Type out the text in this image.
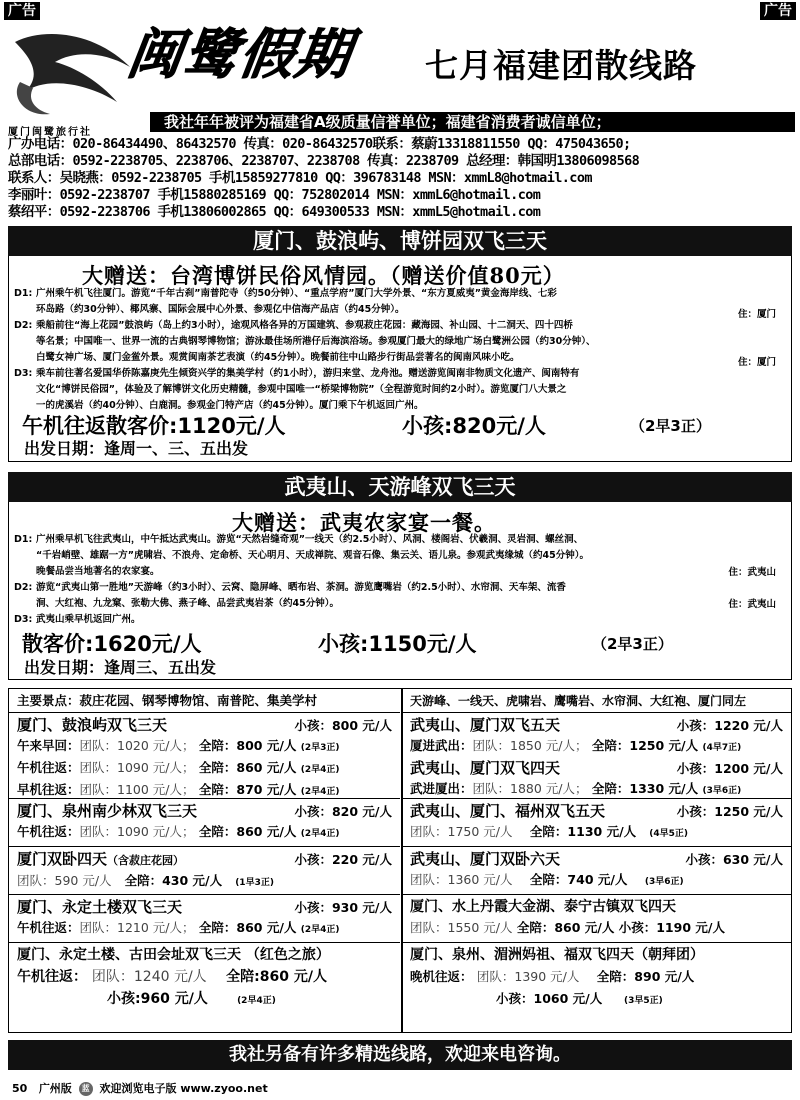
广告	广告
闽鹭假期 七月福建团散线路
厦门闽鹭旅行社
我社年年被评为福建省A级质量信誉单位；福建省消费者诚信单位；
广办电话：020-86434490、86432570 传真：020-86432570联系：蔡蔚13318811550 QQ：475043650;
总部电话：0592-2238705、2238706、2238707、2238708 传真：2238709 总经理：韩国明13806098568
联系人：吴晓燕：0592-2238705 手机15859277810 QQ：396783148 MSN：xmmL8@hotmail.com
李丽叶：0592-2238707 手机15880285169 QQ：752802014 MSN：xmmL6@hotmail.com
蔡绍平：0592-2238706 手机13806002865 QQ：649300533 MSN：xmmL5@hotmail.com
厦门、鼓浪屿、博饼园双飞三天
大赠送：台湾博饼民俗风情园。（赠送价值80元）
D1: 广州乘午机飞往厦门。游览“千年古刹”南普陀寺（约50分钟）、“重点学府”厦门大学外景、“东方夏威夷”黄金海岸线、七彩
环岛路（约30分钟）、椰风寨、国际会展中心外景、参观亿中信海产品店（约45分钟）。	住：厦门
D2: 乘船前往“海上花园”鼓浪屿（岛上约3小时），途观风格各异的万国建筑、参观菽庄花园：藏海园、补山园、十二洞天、四十四桥
等名景；中国唯一、世界一流的古典钢琴博物馆；游泳最佳场所港仔后海滨浴场。参观厦门最大的绿地广场白鹭洲公园（约30分钟）、
白鹭女神广场、厦门金鲎外景。观赏闽南茶艺表演（约45分钟）。晚餐前往中山路步行街品尝著名的闽南风味小吃。	住：厦门
D3: 乘车前往著名爱国华侨陈嘉庚先生倾资兴学的集美学村（约1小时），游归来堂、龙舟池。赠送游览闽南非物质文化遗产、闽南特有
文化“博饼民俗园”，体验及了解博饼文化历史精髓，参观中国唯一“桥梁博物院”（全程游览时间约2小时）。游览厦门八大景之
一的虎溪岩（约40分钟）、白鹿洞。参观金门特产店（约45分钟）。厦门乘下午机返回广州。
午机往返散客价:1120元/人	小孩:820元/人	（2早3正）
出发日期：逢周一、三、五出发
武夷山、天游峰双飞三天
大赠送：武夷农家宴一餐。
D1: 广州乘早机飞往武夷山，中午抵达武夷山。游览“天然岩缝奇观”一线天（约2.5小时）、风洞、楼阁岩、伏羲洞、灵岩洞、螺丝洞、
“千岩峭壁、雄踞一方”虎啸岩、不浪舟、定命桥、天心明月、天成禅院、观音石像、集云关、语儿泉。参观武夷缘城（约45分钟）。
晚餐品尝当地著名的农家宴。	住：武夷山
D2: 游览“武夷山第一胜地”天游峰（约3小时）、云窝、隐屏峰、晒布岩、茶洞。游览鹰嘴岩（约2.5小时）、水帘洞、天车架、流香
涧、大红袍、九龙窠、张勒大佛、燕子峰、品尝武夷岩茶（约45分钟）。	住：武夷山
D3: 武夷山乘早机返回广州。
散客价:1620元/人	小孩:1150元/人	（2早3正）
出发日期：逢周三、五出发
主要景点：菽庄花园、钢琴博物馆、南普陀、集美学村
厦门、鼓浪屿双飞三天	小孩：800 元/人
午来早回：团队：1020 元/人； 全陪：800 元/人 (2早3正)
午机往返：团队：1090 元/人； 全陪：860 元/人 (2早4正)
早机往返：团队：1100 元/人； 全陪：870 元/人 (2早4正)
厦门、泉州南少林双飞三天	小孩：820 元/人
午机往返：团队：1090 元/人； 全陪：860 元/人 (2早4正)
厦门双卧四天（含菽庄花园）	小孩：220 元/人
团队：590 元/人 全陪：430 元/人 (1早3正)
厦门、永定土楼双飞三天	小孩：930 元/人
午机往返：团队：1210 元/人； 全陪：860 元/人 (2早4正)
厦门、永定土楼、古田会址双飞三天 （红色之旅）
午机往返： 团队：1240 元/人 全陪:860 元/人
小孩:960 元/人	(2早4正)
天游峰、一线天、虎啸岩、鹰嘴岩、水帘洞、大红袍、厦门同左
武夷山、厦门双飞五天	小孩：1220 元/人
厦进武出：团队：1850 元/人； 全陪：1250 元/人 (4早7正)
武夷山、厦门双飞四天	小孩：1200 元/人
武进厦出：团队：1880 元/人； 全陪：1330 元/人 (3早6正)
武夷山、厦门、福州双飞五天	小孩：1250 元/人
团队：1750 元/人 全陪：1130 元/人 (4早5正)
武夷山、厦门双卧六天	小孩：630 元/人
团队：1360 元/人 全陪：740 元/人 (3早6正)
厦门、水上丹霞大金湖、泰宁古镇双飞四天
团队：1550 元/人 全陪：860 元/人 小孩：1190 元/人
厦门、泉州、湄洲妈祖、福双飞四天（朝拜团）
晚机往返： 团队：1390 元/人 全陪：890 元/人
小孩：1060 元/人 (3早5正)
我社另备有许多精选线路，欢迎来电咨询。
50 广州版 蓝 欢迎浏览电子版 www.zyoo.net
